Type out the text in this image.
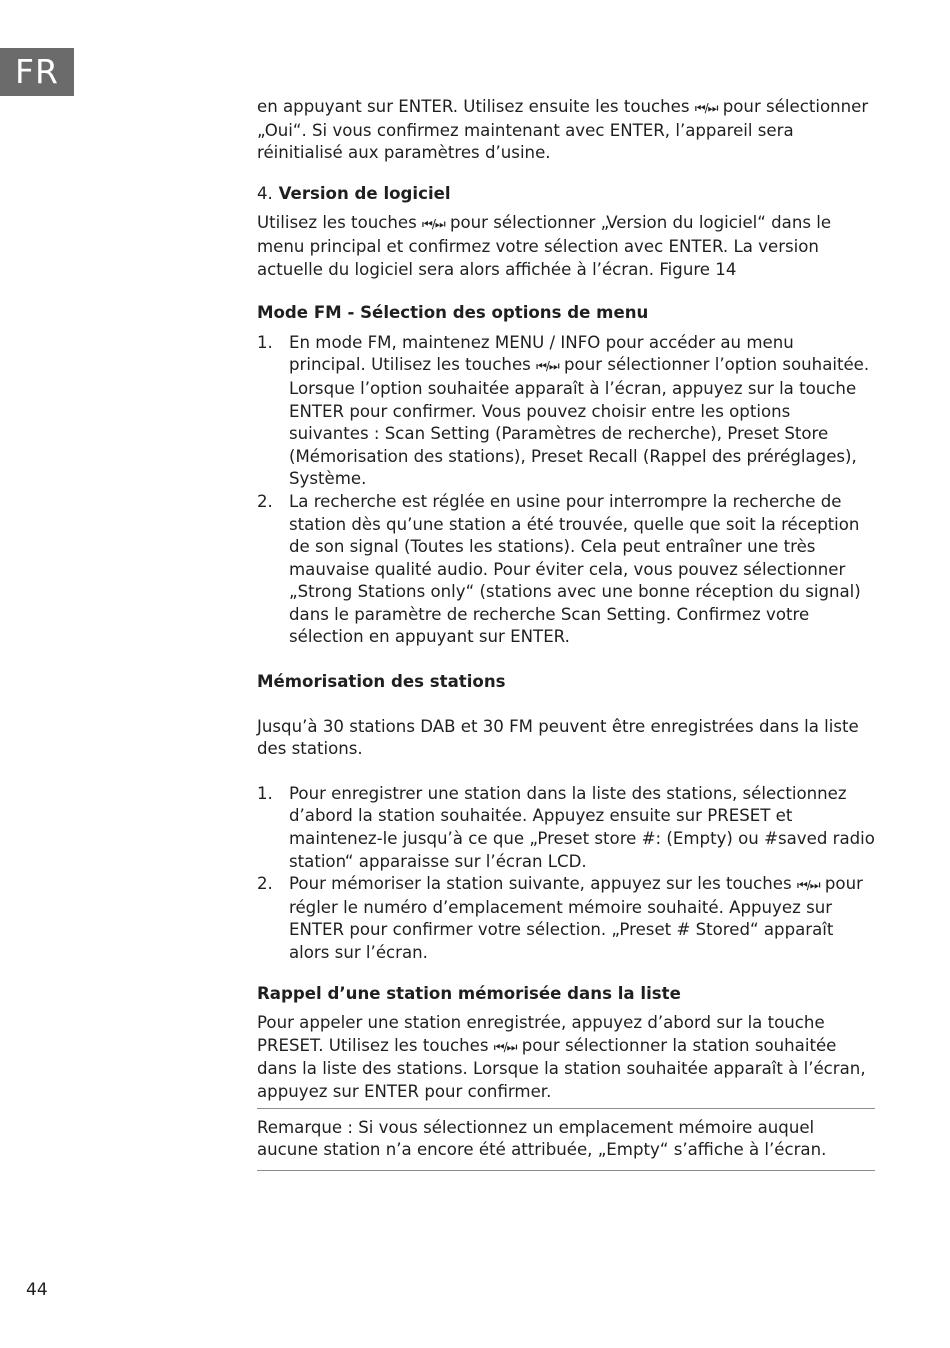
FR

en appuyant sur ENTER. Utilisez ensuite les touches ⏮/⏭ pour sélectionner „Oui“. Si vous confirmez maintenant avec ENTER, l’appareil sera réinitialisé aux paramètres d’usine.

4. Version de logiciel

Utilisez les touches ⏮/⏭ pour sélectionner „Version du logiciel“ dans le menu principal et confirmez votre sélection avec ENTER. La version actuelle du logiciel sera alors affichée à l’écran. Figure 14

Mode FM - Sélection des options de menu

1. En mode FM, maintenez MENU / INFO pour accéder au menu principal. Utilisez les touches ⏮/⏭ pour sélectionner l’option souhaitée. Lorsque l’option souhaitée apparaît à l’écran, appuyez sur la touche ENTER pour confirmer. Vous pouvez choisir entre les options suivantes : Scan Setting (Paramètres de recherche), Preset Store (Mémorisation des stations), Preset Recall (Rappel des préréglages), Système.
2. La recherche est réglée en usine pour interrompre la recherche de station dès qu’une station a été trouvée, quelle que soit la réception de son signal (Toutes les stations). Cela peut entraîner une très mauvaise qualité audio. Pour éviter cela, vous pouvez sélectionner „Strong Stations only“ (stations avec une bonne réception du signal) dans le paramètre de recherche Scan Setting. Confirmez votre sélection en appuyant sur ENTER.

Mémorisation des stations

Jusqu’à 30 stations DAB et 30 FM peuvent être enregistrées dans la liste des stations.

1. Pour enregistrer une station dans la liste des stations, sélectionnez d’abord la station souhaitée. Appuyez ensuite sur PRESET et maintenez-le jusqu’à ce que „Preset store #: (Empty) ou #saved radio station“ apparaisse sur l’écran LCD.
2. Pour mémoriser la station suivante, appuyez sur les touches ⏮/⏭ pour régler le numéro d’emplacement mémoire souhaité. Appuyez sur ENTER pour confirmer votre sélection. „Preset # Stored“ apparaît alors sur l’écran.

Rappel d’une station mémorisée dans la liste

Pour appeler une station enregistrée, appuyez d’abord sur la touche PRESET. Utilisez les touches ⏮/⏭ pour sélectionner la station souhaitée dans la liste des stations. Lorsque la station souhaitée apparaît à l’écran, appuyez sur ENTER pour confirmer.

Remarque : Si vous sélectionnez un emplacement mémoire auquel aucune station n’a encore été attribuée, „Empty“ s’affiche à l’écran.

44
